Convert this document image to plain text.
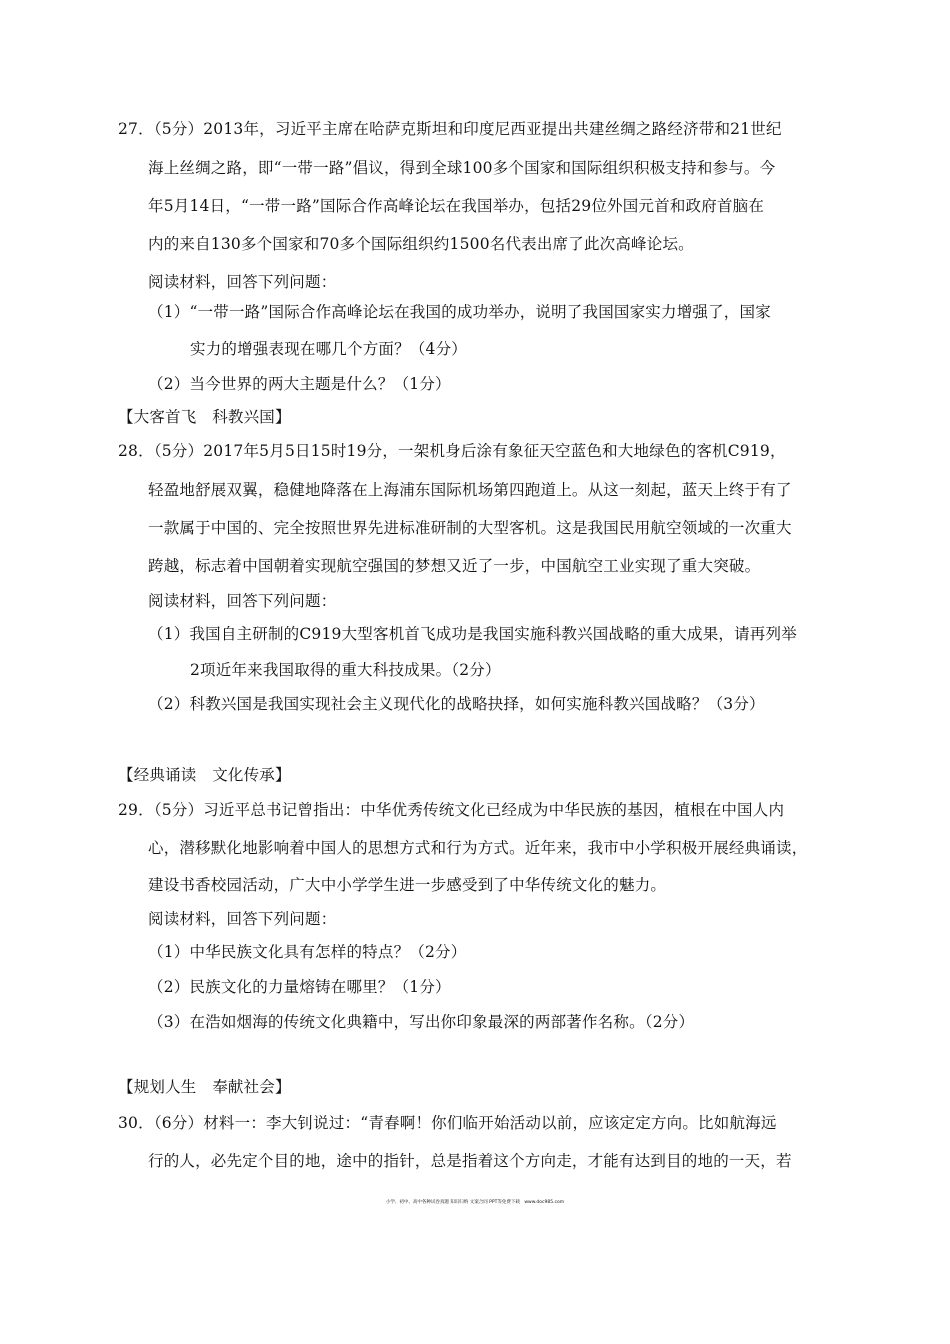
27．（5分）2013年，习近平主席在哈萨克斯坦和印度尼西亚提出共建丝绸之路经济带和21世纪
海上丝绸之路，即“一带一路”倡议，得到全球100多个国家和国际组织积极支持和参与。今
年5月14日，“一带一路”国际合作高峰论坛在我国举办，包括29位外国元首和政府首脑在
内的来自130多个国家和70多个国际组织约1500名代表出席了此次高峰论坛。
阅读材料，回答下列问题：
（1）“一带一路”国际合作高峰论坛在我国的成功举办，说明了我国国家实力增强了，国家
实力的增强表现在哪几个方面？（4分）
（2）当今世界的两大主题是什么？（1分）
【大客首飞　科教兴国】
28．（5分）2017年5月5日15时19分，一架机身后涂有象征天空蓝色和大地绿色的客机C919，
轻盈地舒展双翼，稳健地降落在上海浦东国际机场第四跑道上。从这一刻起，蓝天上终于有了
一款属于中国的、完全按照世界先进标准研制的大型客机。这是我国民用航空领域的一次重大
跨越，标志着中国朝着实现航空强国的梦想又近了一步，中国航空工业实现了重大突破。
阅读材料，回答下列问题：
（1）我国自主研制的C919大型客机首飞成功是我国实施科教兴国战略的重大成果，请再列举
2项近年来我国取得的重大科技成果。（2分）
（2）科教兴国是我国实现社会主义现代化的战略抉择，如何实施科教兴国战略？（3分）
【经典诵读　文化传承】
29．（5分）习近平总书记曾指出：中华优秀传统文化已经成为中华民族的基因，植根在中国人内
心，潜移默化地影响着中国人的思想方式和行为方式。近年来，我市中小学积极开展经典诵读，
建设书香校园活动，广大中小学学生进一步感受到了中华传统文化的魅力。
阅读材料，回答下列问题：
（1）中华民族文化具有怎样的特点？（2分）
（2）民族文化的力量熔铸在哪里？（1分）
（3）在浩如烟海的传统文化典籍中，写出你印象最深的两部著作名称。（2分）
【规划人生　奉献社会】
30．（6分）材料一：李大钊说过：“青春啊！你们临开始活动以前，应该定定方向。比如航海远
行的人，必先定个目的地，途中的指针，总是指着这个方向走，才能有达到目的地的一天，若
小学、初中、高中各种试卷真题 知识归纳 文案合同 PPT等免费下载　www.doc985.com
